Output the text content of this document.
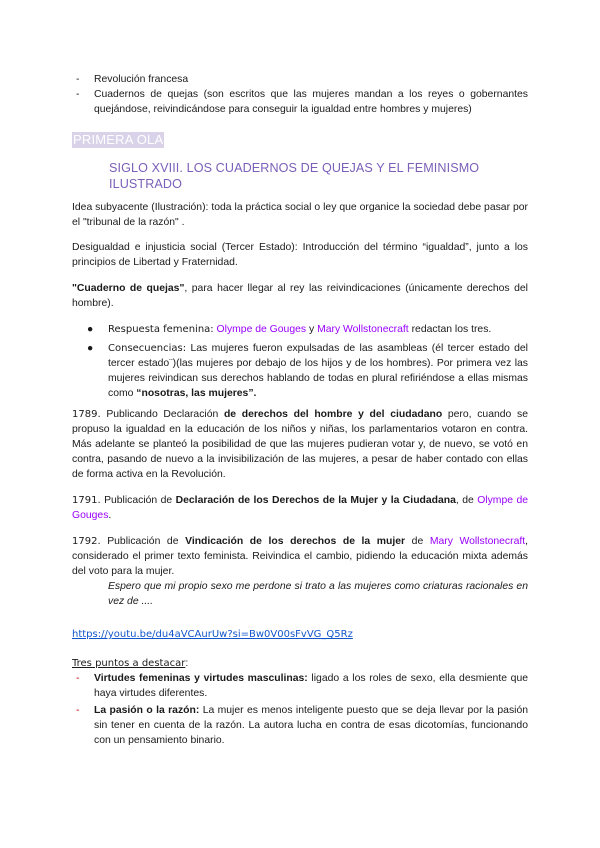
- Revolución francesa
- Cuadernos de quejas (son escritos que las mujeres mandan a los reyes o gobernantes quejándose, reivindicándose para conseguir la igualdad entre hombres y mujeres)
PRIMERA OLA
SIGLO XVIII. LOS CUADERNOS DE QUEJAS Y EL FEMINISMO ILUSTRADO
Idea subyacente (Ilustración): toda la práctica social o ley que organice la sociedad debe pasar por el "tribunal de la razón" .
Desigualdad e injusticia social (Tercer Estado): Introducción del término “igualdad”, junto a los principios de Libertad y Fraternidad.
"Cuaderno de quejas", para hacer llegar al rey las reivindicaciones (únicamente derechos del hombre).
● Respuesta femenina: Olympe de Gouges y Mary Wollstonecraft redactan los tres.
● Consecuencias: Las mujeres fueron expulsadas de las asambleas (él tercer estado del tercer estado¨)(las mujeres por debajo de los hijos y de los hombres). Por primera vez las mujeres reivindican sus derechos hablando de todas en plural refiriéndose a ellas mismas como “nosotras, las mujeres”.
1789. Publicando Declaración de derechos del hombre y del ciudadano pero, cuando se propuso la igualdad en la educación de los niños y niñas, los parlamentarios votaron en contra. Más adelante se planteó la posibilidad de que las mujeres pudieran votar y, de nuevo, se votó en contra, pasando de nuevo a la invisibilización de las mujeres, a pesar de haber contado con ellas de forma activa en la Revolución.
1791. Publicación de Declaración de los Derechos de la Mujer y la Ciudadana, de Olympe de Gouges.
1792. Publicación de Vindicación de los derechos de la mujer de Mary Wollstonecraft, considerado el primer texto feminista. Reivindica el cambio, pidiendo la educación mixta además del voto para la mujer.
Espero que mi propio sexo me perdone si trato a las mujeres como criaturas racionales en vez de ....
https://youtu.be/du4aVCAurUw?si=Bw0V00sFvVG_Q5Rz
Tres puntos a destacar:
- Virtudes femeninas y virtudes masculinas: ligado a los roles de sexo, ella desmiente que haya virtudes diferentes.
- La pasión o la razón: La mujer es menos inteligente puesto que se deja llevar por la pasión sin tener en cuenta de la razón. La autora lucha en contra de esas dicotomías, funcionando con un pensamiento binario.
